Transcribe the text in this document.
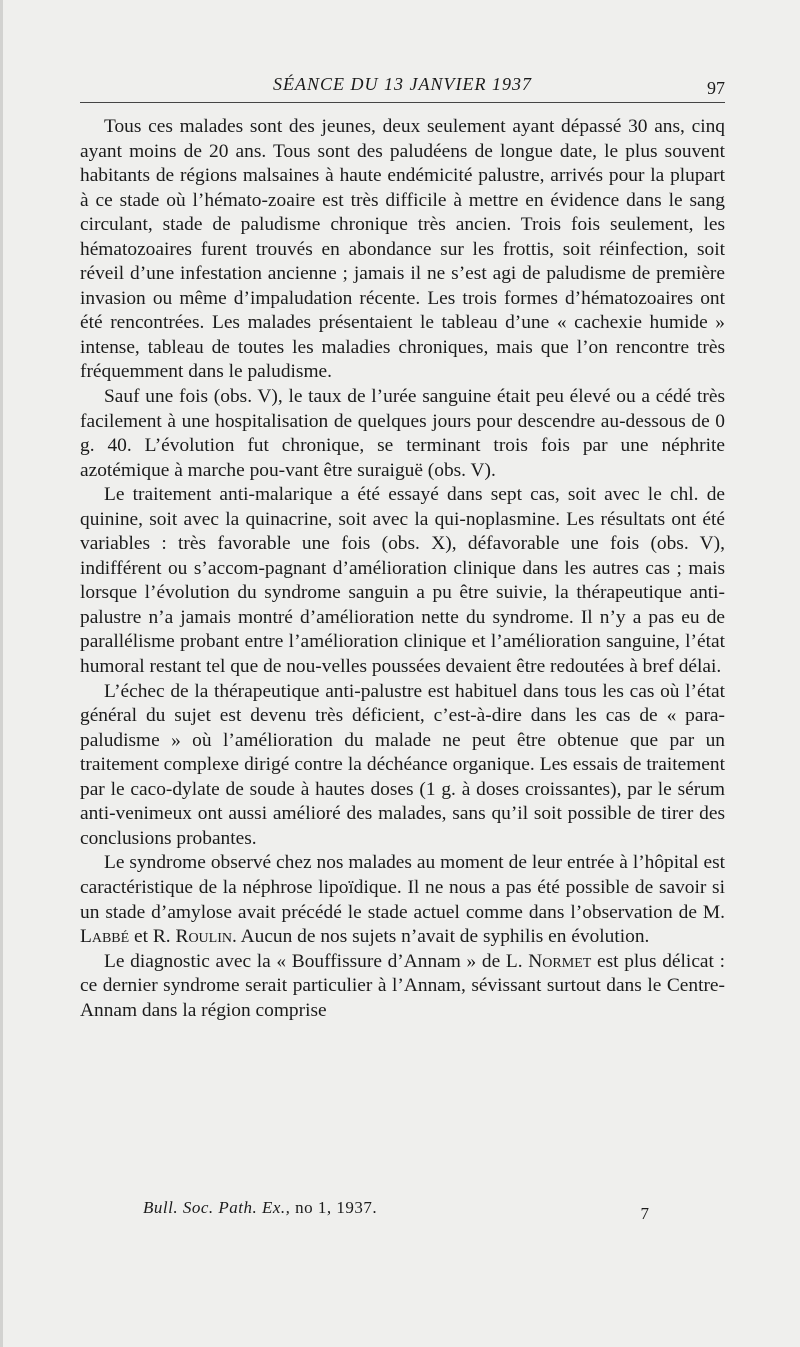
SÉANCE DU 13 JANVIER 1937	97

Tous ces malades sont des jeunes, deux seulement ayant dépassé 30 ans, cinq ayant moins de 20 ans. Tous sont des paludéens de longue date, le plus souvent habitants de régions malsaines à haute endémicité palustre, arrivés pour la plupart à ce stade où l’hémato-zoaire est très difficile à mettre en évidence dans le sang circulant, stade de paludisme chronique très ancien. Trois fois seulement, les hématozoaires furent trouvés en abondance sur les frottis, soit réinfection, soit réveil d’une infestation ancienne ; jamais il ne s’est agi de paludisme de première invasion ou même d’impaludation récente. Les trois formes d’hématozoaires ont été rencontrées. Les malades présentaient le tableau d’une « cachexie humide » intense, tableau de toutes les maladies chroniques, mais que l’on rencontre très fréquemment dans le paludisme.

Sauf une fois (obs. V), le taux de l’urée sanguine était peu élevé ou a cédé très facilement à une hospitalisation de quelques jours pour descendre au-dessous de 0 g. 40. L’évolution fut chronique, se terminant trois fois par une néphrite azotémique à marche pou-vant être suraiguë (obs. V).

Le traitement anti-malarique a été essayé dans sept cas, soit avec le chl. de quinine, soit avec la quinacrine, soit avec la qui-noplasmine. Les résultats ont été variables : très favorable une fois (obs. X), défavorable une fois (obs. V), indifférent ou s’accom-pagnant d’amélioration clinique dans les autres cas ; mais lorsque l’évolution du syndrome sanguin a pu être suivie, la thérapeutique anti-palustre n’a jamais montré d’amélioration nette du syndrome. Il n’y a pas eu de parallélisme probant entre l’amélioration clinique et l’amélioration sanguine, l’état humoral restant tel que de nou-velles poussées devaient être redoutées à bref délai.

L’échec de la thérapeutique anti-palustre est habituel dans tous les cas où l’état général du sujet est devenu très déficient, c’est-à-dire dans les cas de « para-paludisme » où l’amélioration du malade ne peut être obtenue que par un traitement complexe dirigé contre la déchéance organique. Les essais de traitement par le caco-dylate de soude à hautes doses (1 g. à doses croissantes), par le sérum anti-venimeux ont aussi amélioré des malades, sans qu’il soit possible de tirer des conclusions probantes.

Le syndrome observé chez nos malades au moment de leur entrée à l’hôpital est caractéristique de la néphrose lipoïdique. Il ne nous a pas été possible de savoir si un stade d’amylose avait précédé le stade actuel comme dans l’observation de M. Labbé et R. Roulin. Aucun de nos sujets n’avait de syphilis en évolution.

Le diagnostic avec la « Bouffissure d’Annam » de L. Normet est plus délicat : ce dernier syndrome serait particulier à l’Annam, sévissant surtout dans le Centre-Annam dans la région comprise

Bull. Soc. Path. Ex., no 1, 1937.	7
